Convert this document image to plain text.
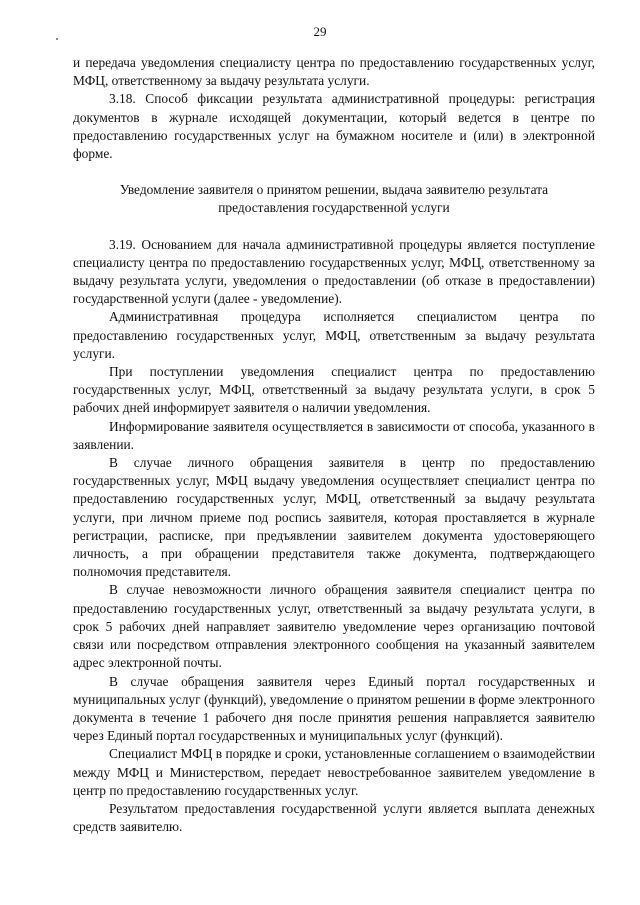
29

и передача уведомления специалисту центра по предоставлению государственных услуг, МФЦ, ответственному за выдачу результата услуги.

3.18. Способ фиксации результата административной процедуры: регистрация документов в журнале исходящей документации, который ведется в центре по предоставлению государственных услуг на бумажном носителе и (или) в электронной форме.

Уведомление заявителя о принятом решении, выдача заявителю результата предоставления государственной услуги

3.19. Основанием для начала административной процедуры является поступление специалисту центра по предоставлению государственных услуг, МФЦ, ответственному за выдачу результата услуги, уведомления о предоставлении (об отказе в предоставлении) государственной услуги (далее - уведомление).

Административная процедура исполняется специалистом центра по предоставлению государственных услуг, МФЦ, ответственным за выдачу результата услуги.

При поступлении уведомления специалист центра по предоставлению государственных услуг, МФЦ, ответственный за выдачу результата услуги, в срок 5 рабочих дней информирует заявителя о наличии уведомления.

Информирование заявителя осуществляется в зависимости от способа, указанного в заявлении.

В случае личного обращения заявителя в центр по предоставлению государственных услуг, МФЦ выдачу уведомления осуществляет специалист центра по предоставлению государственных услуг, МФЦ, ответственный за выдачу результата услуги, при личном приеме под роспись заявителя, которая проставляется в журнале регистрации, расписке, при предъявлении заявителем документа удостоверяющего личность, а при обращении представителя также документа, подтверждающего полномочия представителя.

В случае невозможности личного обращения заявителя специалист центра по предоставлению государственных услуг, ответственный за выдачу результата услуги, в срок 5 рабочих дней направляет заявителю уведомление через организацию почтовой связи или посредством отправления электронного сообщения на указанный заявителем адрес электронной почты.

В случае обращения заявителя через Единый портал государственных и муниципальных услуг (функций), уведомление о принятом решении в форме электронного документа в течение 1 рабочего дня после принятия решения направляется заявителю через Единый портал государственных и муниципальных услуг (функций).

Специалист МФЦ в порядке и сроки, установленные соглашением о взаимодействии между МФЦ и Министерством, передает невостребованное заявителем уведомление в центр по предоставлению государственных услуг.

Результатом предоставления государственной услуги является выплата денежных средств заявителю.
